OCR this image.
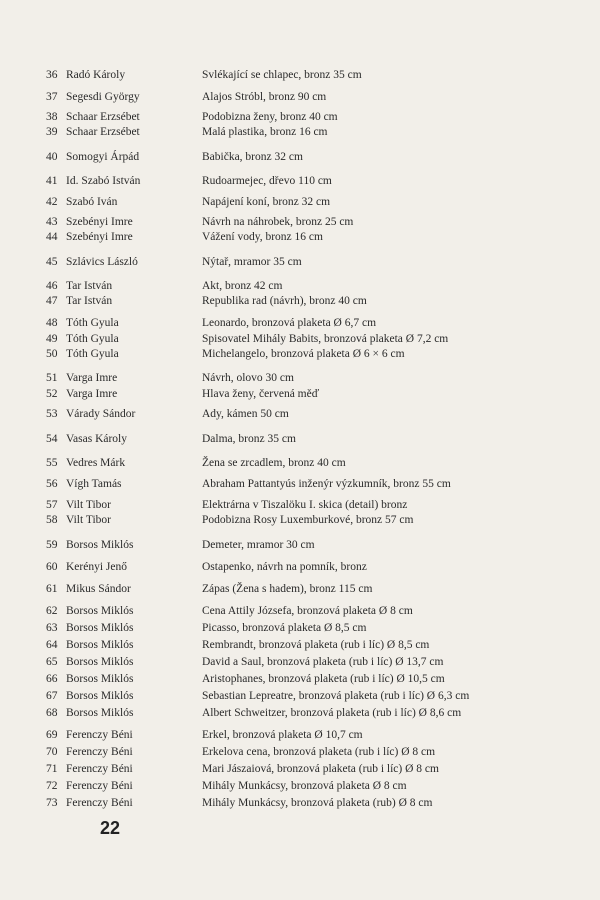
36 Radó Károly	Svlékající se chlapec, bronz 35 cm
37 Segesdi György	Alajos Stróbl, bronz 90 cm
38 Schaar Erzsébet	Podobizna ženy, bronz 40 cm
39 Schaar Erzsébet	Malá plastika, bronz 16 cm
40 Somogyi Árpád	Babička, bronz 32 cm
41 Id. Szabó István	Rudoarmejec, dřevo 110 cm
42 Szabó Iván	Napájení koní, bronz 32 cm
43 Szebényi Imre	Návrh na náhrobek, bronz 25 cm
44 Szebényi Imre	Vážení vody, bronz 16 cm
45 Szlávics László	Nýtař, mramor 35 cm
46 Tar István	Akt, bronz 42 cm
47 Tar István	Republika rad (návrh), bronz 40 cm
48 Tóth Gyula	Leonardo, bronzová plaketa Ø 6,7 cm
49 Tóth Gyula	Spisovatel Mihály Babits, bronzová plaketa Ø 7,2 cm
50 Tóth Gyula	Michelangelo, bronzová plaketa Ø 6 × 6 cm
51 Varga Imre	Návrh, olovo 30 cm
52 Varga Imre	Hlava ženy, červená měď
53 Várady Sándor	Ady, kámen 50 cm
54 Vasas Károly	Dalma, bronz 35 cm
55 Vedres Márk	Žena se zrcadlem, bronz 40 cm
56 Vígh Tamás	Abraham Pattantyús inženýr výzkumník, bronz 55 cm
57 Vilt Tibor	Elektrárna v Tiszalöku I. skica (detail) bronz
58 Vilt Tibor	Podobizna Rosy Luxemburkové, bronz 57 cm
59 Borsos Miklós	Demeter, mramor 30 cm
60 Kerényi Jenő	Ostapenko, návrh na pomník, bronz
61 Mikus Sándor	Zápas (Žena s hadem), bronz 115 cm
62 Borsos Miklós	Cena Attily Józsefa, bronzová plaketa Ø 8 cm
63 Borsos Miklós	Picasso, bronzová plaketa Ø 8,5 cm
64 Borsos Miklós	Rembrandt, bronzová plaketa (rub i líc) Ø 8,5 cm
65 Borsos Miklós	David a Saul, bronzová plaketa (rub i líc) Ø 13,7 cm
66 Borsos Miklós	Aristophanes, bronzová plaketa (rub i líc) Ø 10,5 cm
67 Borsos Miklós	Sebastian Lepreatre, bronzová plaketa (rub i líc) Ø 6,3 cm
68 Borsos Miklós	Albert Schweitzer, bronzová plaketa (rub i líc) Ø 8,6 cm
69 Ferenczy Béni	Erkel, bronzová plaketa Ø 10,7 cm
70 Ferenczy Béni	Erkelova cena, bronzová plaketa (rub i líc) Ø 8 cm
71 Ferenczy Béni	Mari Jászaiová, bronzová plaketa (rub i líc) Ø 8 cm
72 Ferenczy Béni	Mihály Munkácsy, bronzová plaketa Ø 8 cm
73 Ferenczy Béni	Mihály Munkácsy, bronzová plaketa (rub) Ø 8 cm
22
